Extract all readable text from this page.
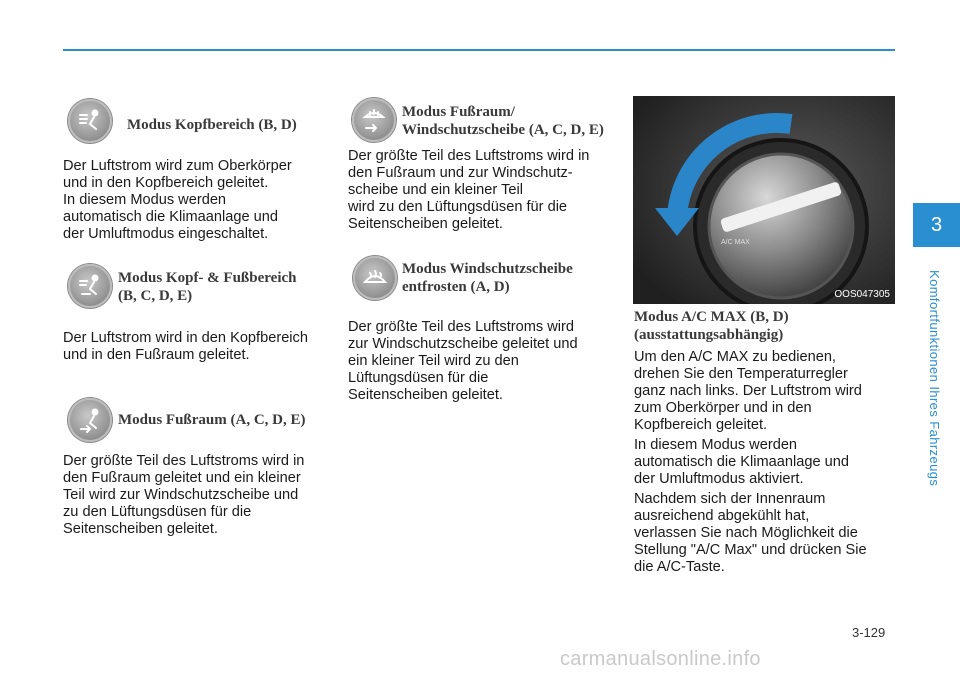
3
Komfortfunktionen Ihres Fahrzeugs
Modus Kopfbereich (B, D)
Der Luftstrom wird zum Oberkörper
und in den Kopfbereich geleitet.
In diesem Modus werden
automatisch die Klimaanlage und
der Umluftmodus eingeschaltet.
Modus Kopf- & Fußbereich
(B, C, D, E)
Der Luftstrom wird in den Kopfbereich
und in den Fußraum geleitet.
Modus Fußraum (A, C, D, E)
Der größte Teil des Luftstroms wird in
den Fußraum geleitet und ein kleiner
Teil wird zur Windschutzscheibe und
zu den Lüftungsdüsen für die
Seitenscheiben geleitet.
Modus Fußraum/
Windschutzscheibe (A, C, D, E)
Der größte Teil des Luftstroms wird in
den Fußraum und zur Windschutz-
scheibe und ein kleiner Teil
wird zu den Lüftungsdüsen für die
Seitenscheiben geleitet.
Modus Windschutzscheibe
entfrosten (A, D)
Der größte Teil des Luftstroms wird
zur Windschutzscheibe geleitet und
ein kleiner Teil wird zu den
Lüftungsdüsen für die
Seitenscheiben geleitet.
A/C MAX
OOS047305
Modus A/C MAX (B, D)
(ausstattungsabhängig)
Um den A/C MAX zu bedienen,
drehen Sie den Temperaturregler
ganz nach links. Der Luftstrom wird
zum Oberkörper und in den
Kopfbereich geleitet.
In diesem Modus werden
automatisch die Klimaanlage und
der Umluftmodus aktiviert.
Nachdem sich der Innenraum
ausreichend abgekühlt hat,
verlassen Sie nach Möglichkeit die
Stellung "A/C Max" und drücken Sie
die A/C-Taste.
3-129
carmanualsonline.info
